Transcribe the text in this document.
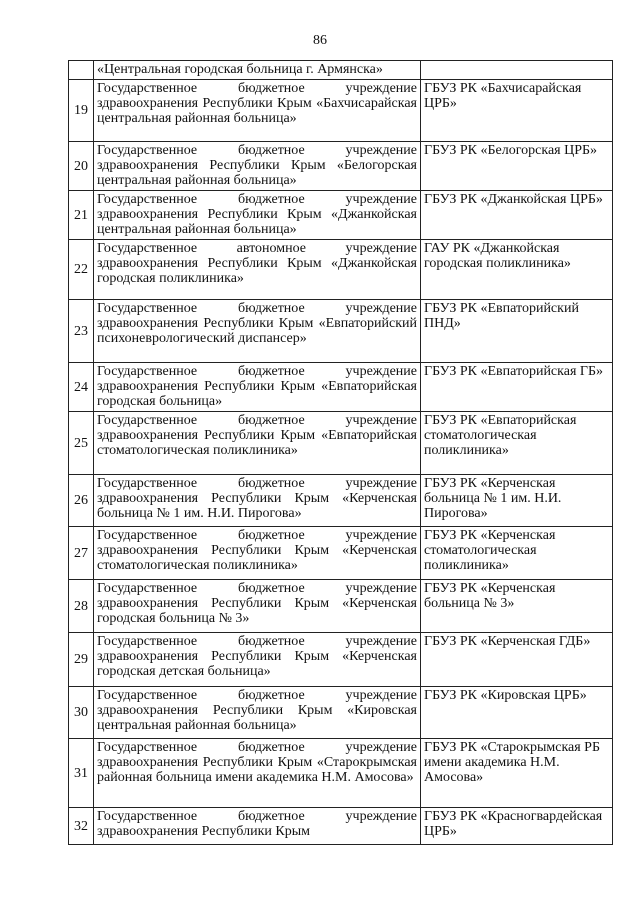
86
	«Центральная городская больница г. Армянска»	
19	Государственное бюджетное учреждение здравоохранения Республики Крым «Бахчисарайская центральная районная больница»	ГБУЗ РК «Бахчисарайская ЦРБ»
20	Государственное бюджетное учреждение здравоохранения Республики Крым «Белогорская центральная районная больница»	ГБУЗ РК «Белогорская ЦРБ»
21	Государственное бюджетное учреждение здравоохранения Республики Крым «Джанкойская центральная районная больница»	ГБУЗ РК «Джанкойская ЦРБ»
22	Государственное автономное учреждение здравоохранения Республики Крым «Джанкойская городская поликлиника»	ГАУ РК «Джанкойская городская поликлиника»
23	Государственное бюджетное учреждение здравоохранения Республики Крым «Евпаторийский психоневрологический диспансер»	ГБУЗ РК «Евпаторийский ПНД»
24	Государственное бюджетное учреждение здравоохранения Республики Крым «Евпаторийская городская больница»	ГБУЗ РК «Евпаторийская ГБ»
25	Государственное бюджетное учреждение здравоохранения Республики Крым «Евпаторийская стоматологическая поликлиника»	ГБУЗ РК «Евпаторийская стоматологическая поликлиника»
26	Государственное бюджетное учреждение здравоохранения Республики Крым «Керченская больница № 1 им. Н.И. Пирогова»	ГБУЗ РК «Керченская больница № 1 им. Н.И. Пирогова»
27	Государственное бюджетное учреждение здравоохранения Республики Крым «Керченская стоматологическая поликлиника»	ГБУЗ РК «Керченская стоматологическая поликлиника»
28	Государственное бюджетное учреждение здравоохранения Республики Крым «Керченская городская больница № 3»	ГБУЗ РК «Керченская больница № 3»
29	Государственное бюджетное учреждение здравоохранения Республики Крым «Керченская городская детская больница»	ГБУЗ РК «Керченская ГДБ»
30	Государственное бюджетное учреждение здравоохранения Республики Крым «Кировская центральная районная больница»	ГБУЗ РК «Кировская ЦРБ»
31	Государственное бюджетное учреждение здравоохранения Республики Крым «Старокрымская районная больница имени академика Н.М. Амосова»	ГБУЗ РК «Старокрымская РБ имени академика Н.М. Амосова»
32	Государственное бюджетное учреждение здравоохранения Республики Крым	ГБУЗ РК «Красногвардейская ЦРБ»
